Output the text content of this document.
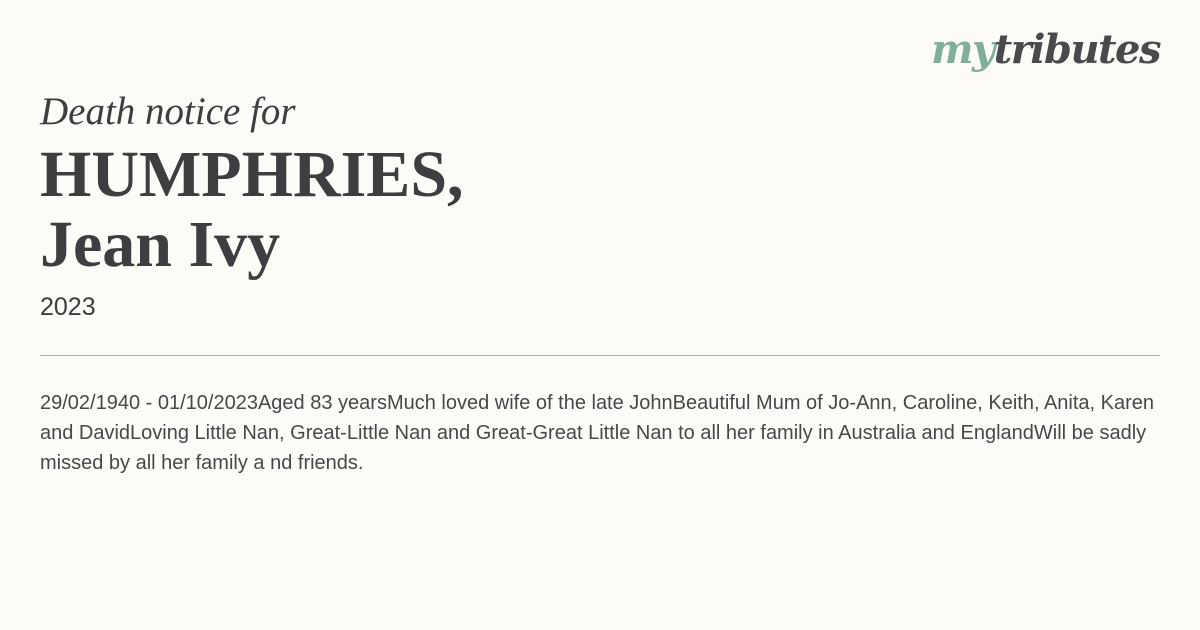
mytributes
Death notice for
HUMPHRIES,
Jean Ivy
2023

29/02/1940 - 01/10/2023Aged 83 yearsMuch loved wife of the late JohnBeautiful Mum of Jo-Ann, Caroline, Keith, Anita, Karen and DavidLoving Little Nan, Great-Little Nan and Great-Great Little Nan to all her family in Australia and EnglandWill be sadly missed by all her family a nd friends.
